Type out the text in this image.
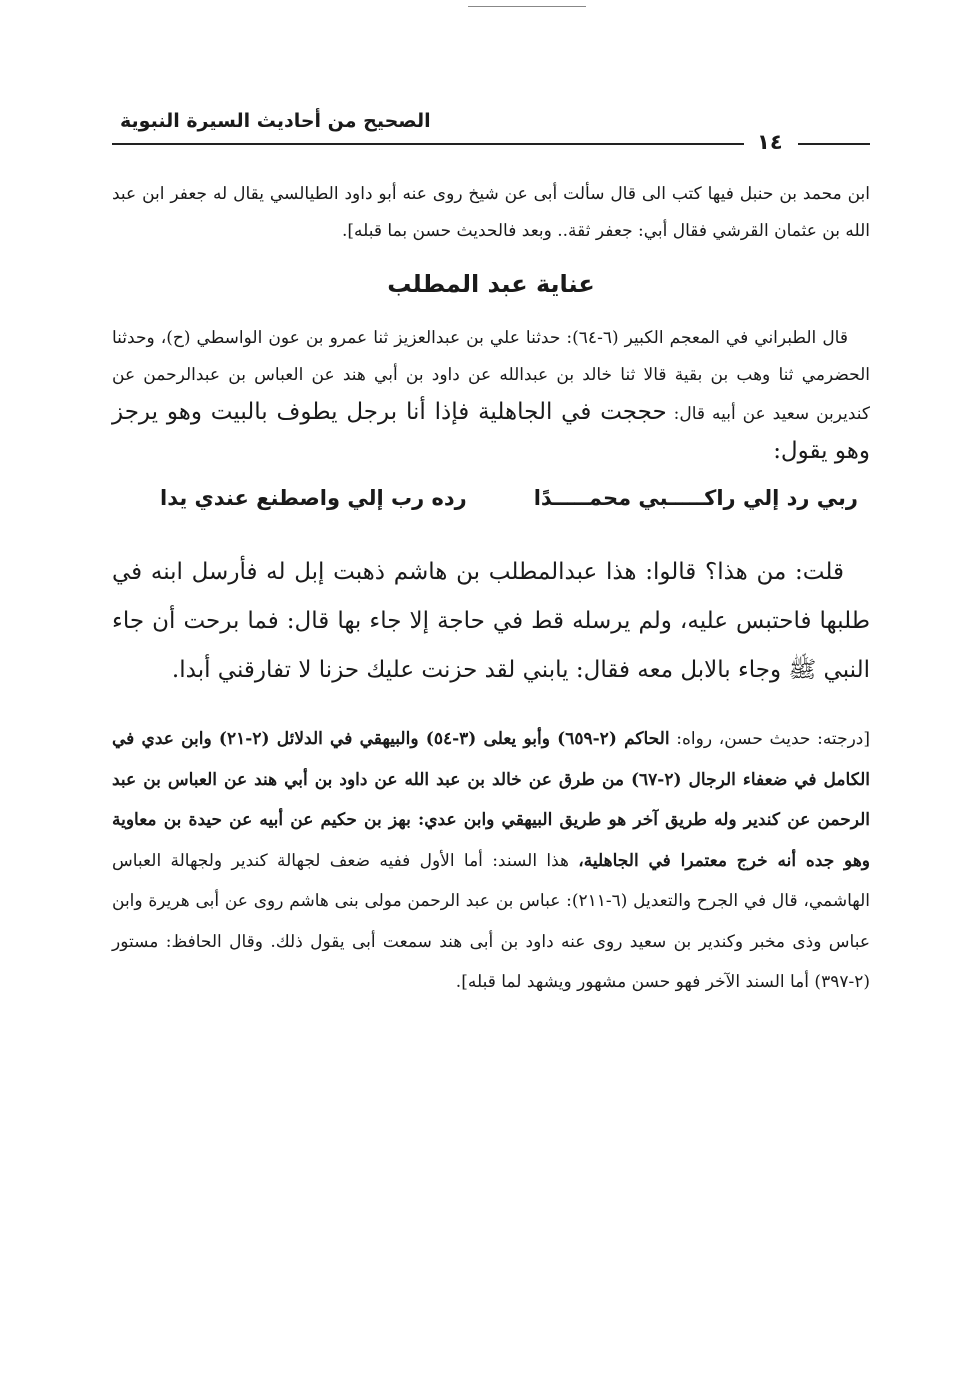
الصحيح من أحاديث السيرة النبوية
١٤

ابن محمد بن حنبل فيها كتب الى قال سألت أبى عن شيخ روى عنه أبو داود الطيالسي يقال له جعفر ابن عبد الله بن عثمان القرشي فقال أبي: جعفر ثقة.. وبعد فالحديث حسن بما قبله].

عناية عبد المطلب

قال الطبراني في المعجم الكبير (٦-٦٤): حدثنا علي بن عبدالعزيز ثنا عمرو بن عون الواسطي (ح)، وحدثنا الحضرمي ثنا وهب بن بقية قالا ثنا خالد بن عبدالله عن داود بن أبي هند عن العباس بن عبدالرحمن عن كنديربن سعيد عن أبيه قال: حججت في الجاهلية فإذا أنا برجل يطوف بالبيت وهو يرجز وهو يقول:

ربي رد إلي راكـــــبي محمـــــدًا
رده رب إلي واصطنع عندي يدا

قلت: من هذا؟ قالوا: هذا عبدالمطلب بن هاشم ذهبت إبل له فأرسل ابنه في طلبها فاحتبس عليه، ولم يرسله قط في حاجة إلا جاء بها قال: فما برحت أن جاء النبي ﷺ وجاء بالابل معه فقال: يابني لقد حزنت عليك حزنا لا تفارقني أبدا.

[درجته: حديث حسن، رواه: الحاكم (٢-٦٥٩) وأبو يعلى (٣-٥٤) والبيهقي في الدلائل (٢-٢١) وابن عدي في الكامل في ضعفاء الرجال (٢-٦٧) من طرق عن خالد بن عبد الله عن داود بن أبي هند عن العباس بن عبد الرحمن عن كندير وله طريق آخر هو طريق البيهقي وابن عدي: بهز بن حكيم عن أبيه عن حيدة بن معاوية وهو جده أنه خرج معتمرا في الجاهلية، هذا السند: أما الأول ففيه ضعف لجهالة كندير ولجهالة العباس الهاشمي، قال في الجرح والتعديل (٦-٢١١): عباس بن عبد الرحمن مولى بنى هاشم روى عن أبى هريرة وابن عباس وذى مخبر وكندير بن سعيد روى عنه داود بن أبى هند سمعت أبى يقول ذلك. وقال الحافظ: مستور (٢-٣٩٧) أما السند الآخر فهو حسن مشهور ويشهد لما قبله].
